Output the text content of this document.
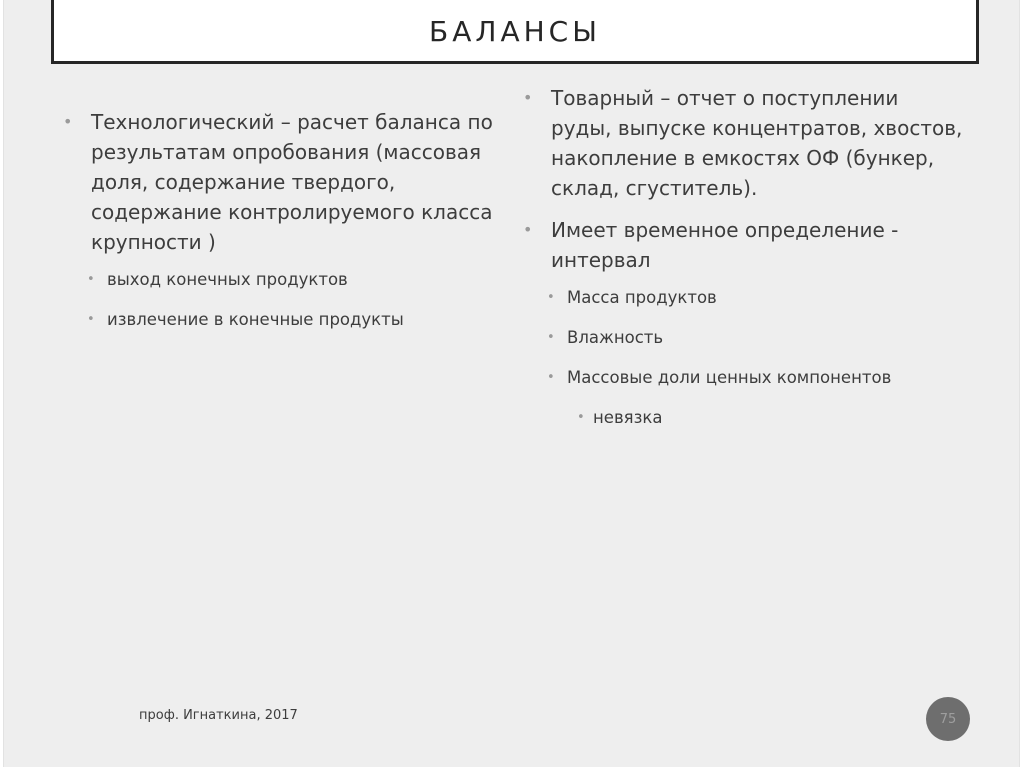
БАЛАНСЫ
• Технологический – расчет баланса по результатам опробования (массовая доля, содержание твердого, содержание контролируемого класса крупности )
• выход конечных продуктов
• извлечение в конечные продукты
• Товарный – отчет о поступлении руды, выпуске концентратов, хвостов, накопление в емкостях ОФ (бункер, склад, сгуститель).
• Имеет временное определение - интервал
• Масса продуктов
• Влажность
• Массовые доли ценных компонентов
• невязка
проф. Игнаткина, 2017	75
